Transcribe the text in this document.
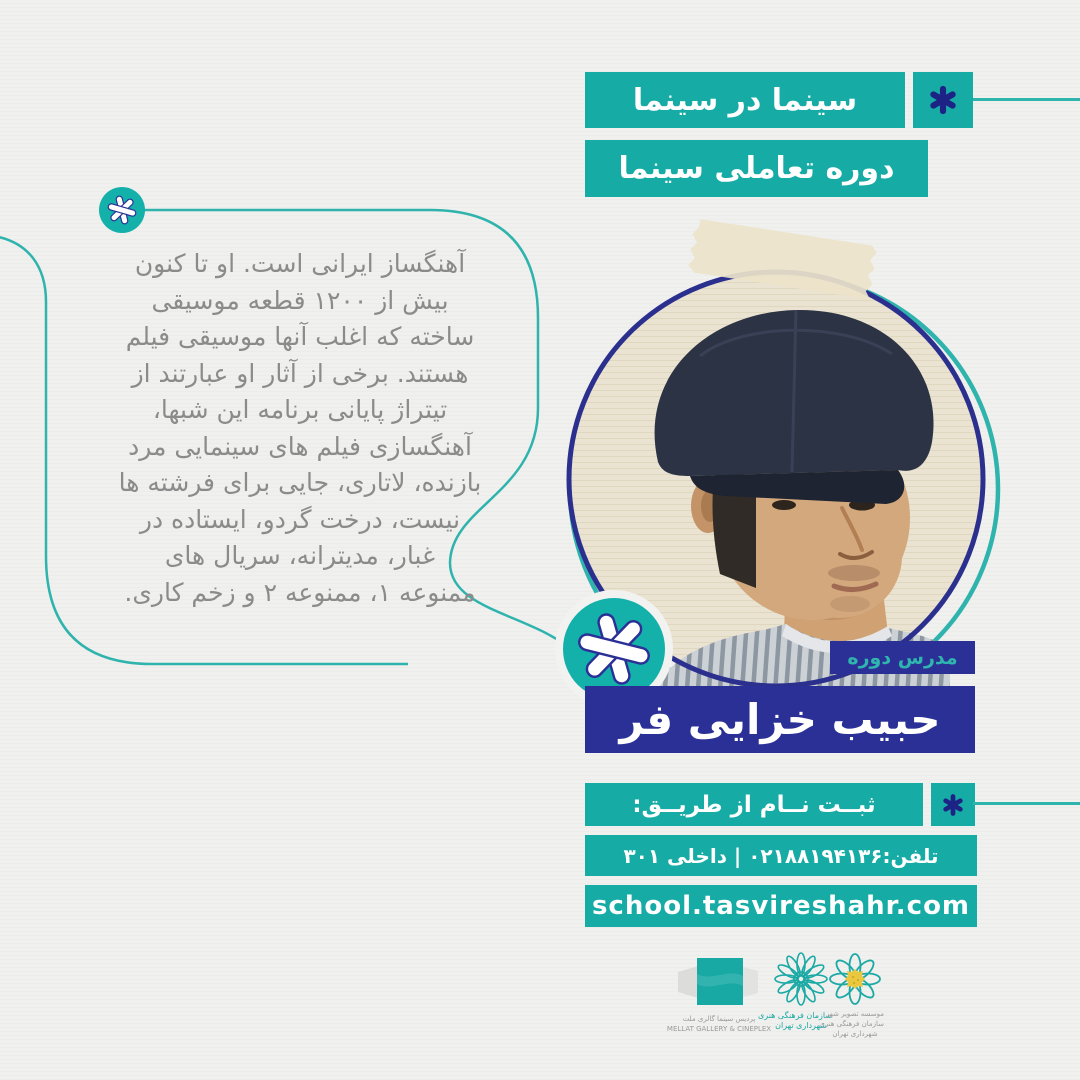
آهنگساز ایرانی است. او تا کنون
بیش از ۱۲۰۰ قطعه موسیقی
ساخته که اغلب آنها موسیقی فیلم
هستند. برخی از آثار او عبارتند از
تیتراژ پایانی برنامه این شبها،
آهنگسازی فیلم های سینمایی مرد
بازنده، لاتاری، جایی برای فرشته ها
نیست، درخت گردو، ایستاده در
غبار، مدیترانه، سریال های
ممنوعه ۱، ممنوعه ۲ و زخم کاری.
سینما در سینما
دوره تعاملی سینما
مدرس دوره
حبیب خزایی فر
ثبــت نــام از طریــق:
تلفن:۰۲۱۸۸۱۹۴۱۳۶ | داخلی ۳۰۱
school.tasvireshahr.com
پردیس سینما گالری ملت
MELLAT GALLERY & CINEPLEX
سازمان فرهنگی هنری
شهرداری تهران
موسسه تصویر شهر
سازمان فرهنگی هنری
شهرداری تهران
